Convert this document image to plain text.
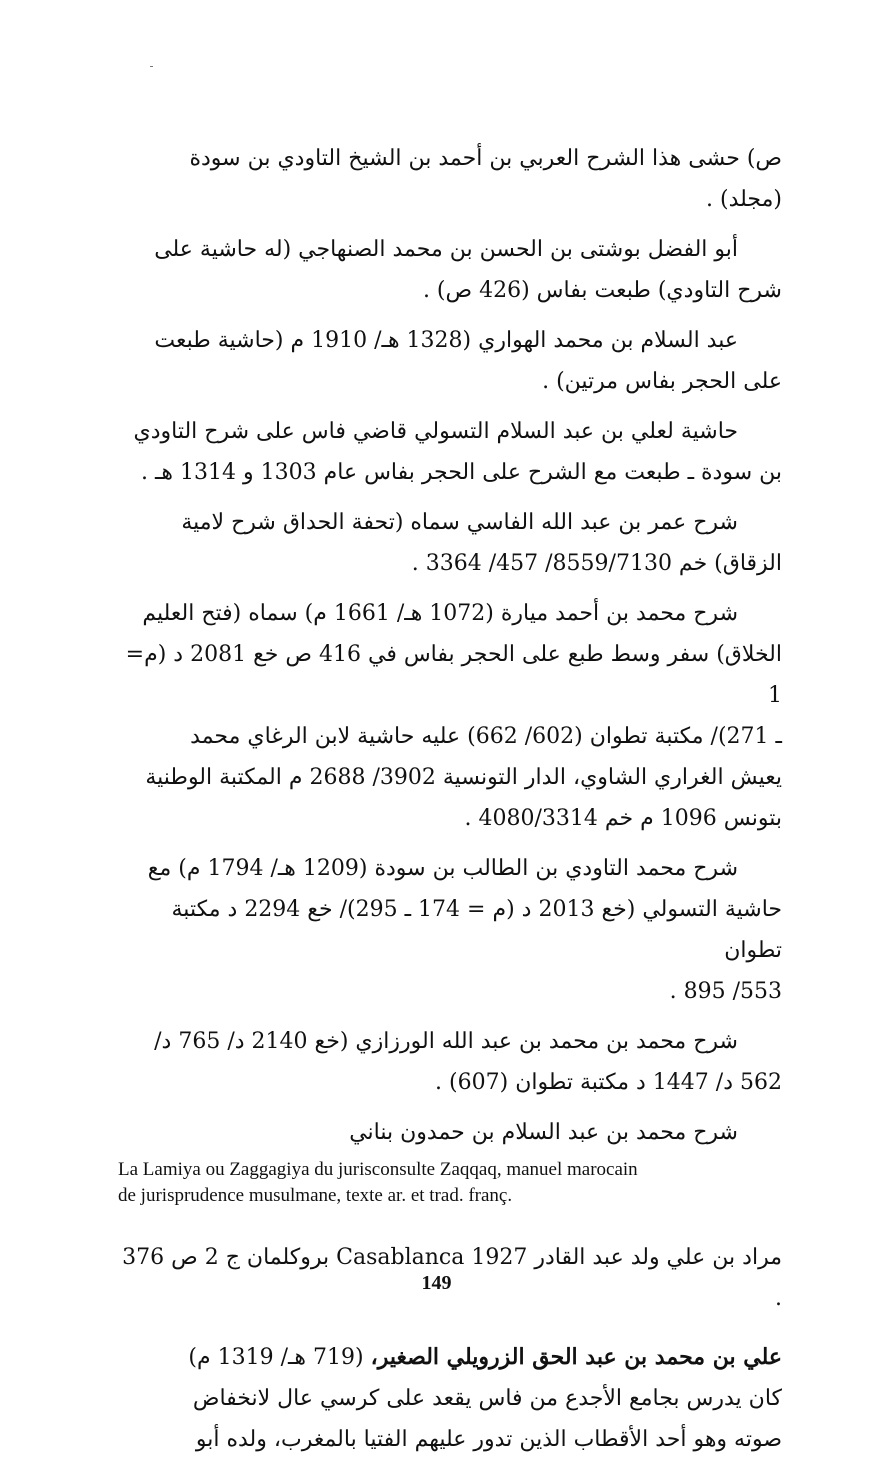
ص) حشى هذا الشرح العربي بن أحمد بن الشيخ التاودي بن سودة
(مجلد) .
أبو الفضل بوشتى بن الحسن بن محمد الصنهاجي (له حاشية على
شرح التاودي) طبعت بفاس (426 ص) .
عبد السلام بن محمد الهواري (1328 هـ/ 1910 م (حاشية طبعت
على الحجر بفاس مرتين) .
حاشية لعلي بن عبد السلام التسولي قاضي فاس على شرح التاودي
بن سودة ـ طبعت مع الشرح على الحجر بفاس عام 1303 و 1314 هـ .
شرح عمر بن عبد الله الفاسي سماه (تحفة الحداق شرح لامية
الزقاق) خم 8559/7130/ 457/ 3364 .
شرح محمد بن أحمد ميارة (1072 هـ/ 1661 م) سماه (فتح العليم
الخلاق) سفر وسط طبع على الحجر بفاس في 416 ص خع 2081 د (م= 1
ـ 271)/ مكتبة تطوان (602/ 662) عليه حاشية لابن الرغاي محمد
يعيش الغراري الشاوي، الدار التونسية 3902/ 2688 م المكتبة الوطنية
بتونس 1096 م خم 4080/3314 .
شرح محمد التاودي بن الطالب بن سودة (1209 هـ/ 1794 م) مع
حاشية التسولي (خع 2013 د (م = 174 ـ 295)/ خع 2294 د مكتبة تطوان
553/ 895 .
شرح محمد بن محمد بن عبد الله الورزازي (خع 2140 د/ 765 د/
562 د/ 1447 د مكتبة تطوان (607) .
شرح محمد بن عبد السلام بن حمدون بناني
La Lamiya ou Zaggagiya du jurisconsulte Zaqqaq, manuel marocain
de jurisprudence musulmane, texte ar. et trad. franç.
مراد بن علي ولد عبد القادر Casablanca 1927 بروكلمان ج 2 ص 376 .
علي بن محمد بن عبد الحق الزرويلي الصغير، (719 هـ/ 1319 م)
كان يدرس بجامع الأجدع من فاس يقعد على كرسي عال لانخفاض
صوته وهو أحد الأقطاب الذين تدور عليهم الفتيا بالمغرب، ولده أبو
149
